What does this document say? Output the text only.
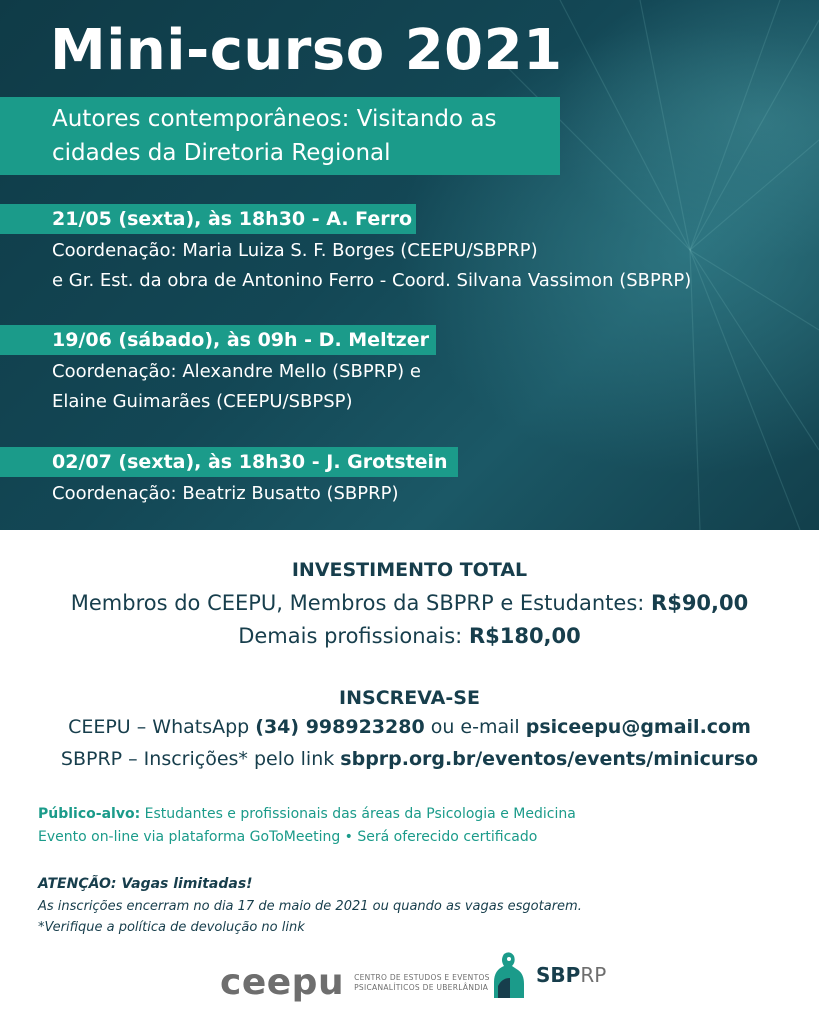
Mini-curso 2021
Autores contemporâneos: Visitando as
cidades da Diretoria Regional
21/05 (sexta), às 18h30 - A. Ferro
Coordenação: Maria Luiza S. F. Borges (CEEPU/SBPRP)
e Gr. Est. da obra de Antonino Ferro - Coord. Silvana Vassimon (SBPRP)
19/06 (sábado), às 09h - D. Meltzer
Coordenação: Alexandre Mello (SBPRP) e
Elaine Guimarães (CEEPU/SBPSP)
02/07 (sexta), às 18h30 - J. Grotstein
Coordenação: Beatriz Busatto (SBPRP)
INVESTIMENTO TOTAL
Membros do CEEPU, Membros da SBPRP e Estudantes: R$90,00
Demais profissionais: R$180,00
INSCREVA-SE
CEEPU – WhatsApp (34) 998923280 ou e-mail psiceepu@gmail.com
SBPRP – Inscrições* pelo link sbprp.org.br/eventos/events/minicurso
Público-alvo: Estudantes e profissionais das áreas da Psicologia e Medicina
Evento on-line via plataforma GoToMeeting • Será oferecido certificado
ATENÇÃO: Vagas limitadas!
As inscrições encerram no dia 17 de maio de 2021 ou quando as vagas esgotarem.
*Verifique a política de devolução no link
ceepu CENTRO DE ESTUDOS E EVENTOS
PSICANALÍTICOS DE UBERLÂNDIA SBPRP
